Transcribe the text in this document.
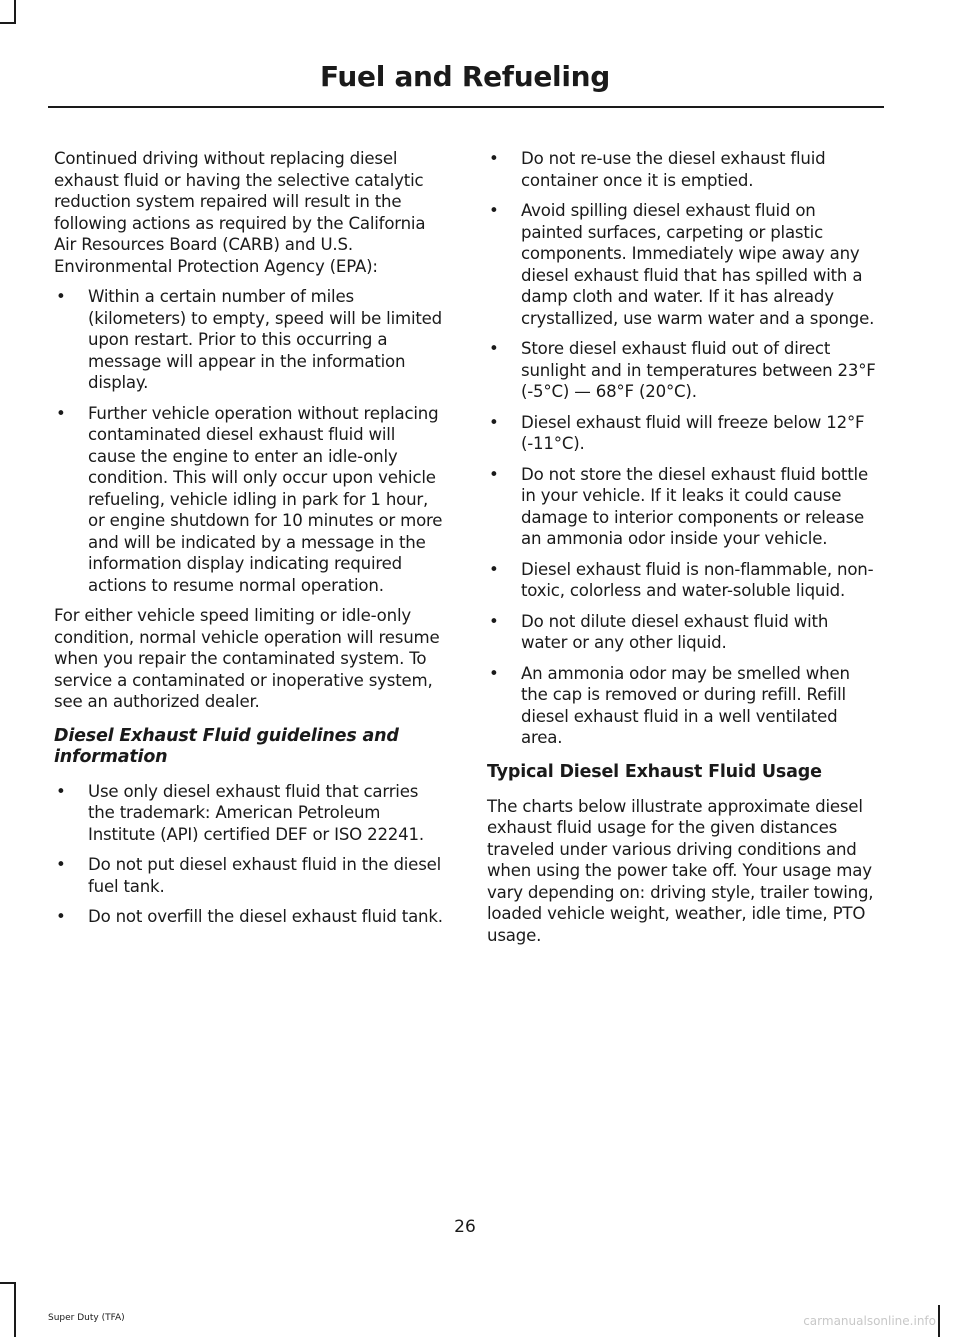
Fuel and Refueling

Continued driving without replacing diesel exhaust fluid or having the selective catalytic reduction system repaired will result in the following actions as required by the California Air Resources Board (CARB) and U.S. Environmental Protection Agency (EPA):

• Within a certain number of miles (kilometers) to empty, speed will be limited upon restart. Prior to this occurring a message will appear in the information display.
• Further vehicle operation without replacing contaminated diesel exhaust fluid will cause the engine to enter an idle-only condition. This will only occur upon vehicle refueling, vehicle idling in park for 1 hour, or engine shutdown for 10 minutes or more and will be indicated by a message in the information display indicating required actions to resume normal operation.

For either vehicle speed limiting or idle-only condition, normal vehicle operation will resume when you repair the contaminated system. To service a contaminated or inoperative system, see an authorized dealer.

Diesel Exhaust Fluid guidelines and information
• Use only diesel exhaust fluid that carries the trademark: American Petroleum Institute (API) certified DEF or ISO 22241.
• Do not put diesel exhaust fluid in the diesel fuel tank.
• Do not overfill the diesel exhaust fluid tank.
• Do not re-use the diesel exhaust fluid container once it is emptied.
• Avoid spilling diesel exhaust fluid on painted surfaces, carpeting or plastic components. Immediately wipe away any diesel exhaust fluid that has spilled with a damp cloth and water. If it has already crystallized, use warm water and a sponge.
• Store diesel exhaust fluid out of direct sunlight and in temperatures between 23°F (-5°C) — 68°F (20°C).
• Diesel exhaust fluid will freeze below 12°F (-11°C).
• Do not store the diesel exhaust fluid bottle in your vehicle. If it leaks it could cause damage to interior components or release an ammonia odor inside your vehicle.
• Diesel exhaust fluid is non-flammable, non-toxic, colorless and water-soluble liquid.
• Do not dilute diesel exhaust fluid with water or any other liquid.
• An ammonia odor may be smelled when the cap is removed or during refill. Refill diesel exhaust fluid in a well ventilated area.
Typical Diesel Exhaust Fluid Usage

The charts below illustrate approximate diesel exhaust fluid usage for the given distances traveled under various driving conditions and when using the power take off. Your usage may vary depending on: driving style, trailer towing, loaded vehicle weight, weather, idle time, PTO usage.

26
Super Duty (TFA)	carmanualsonline.info
